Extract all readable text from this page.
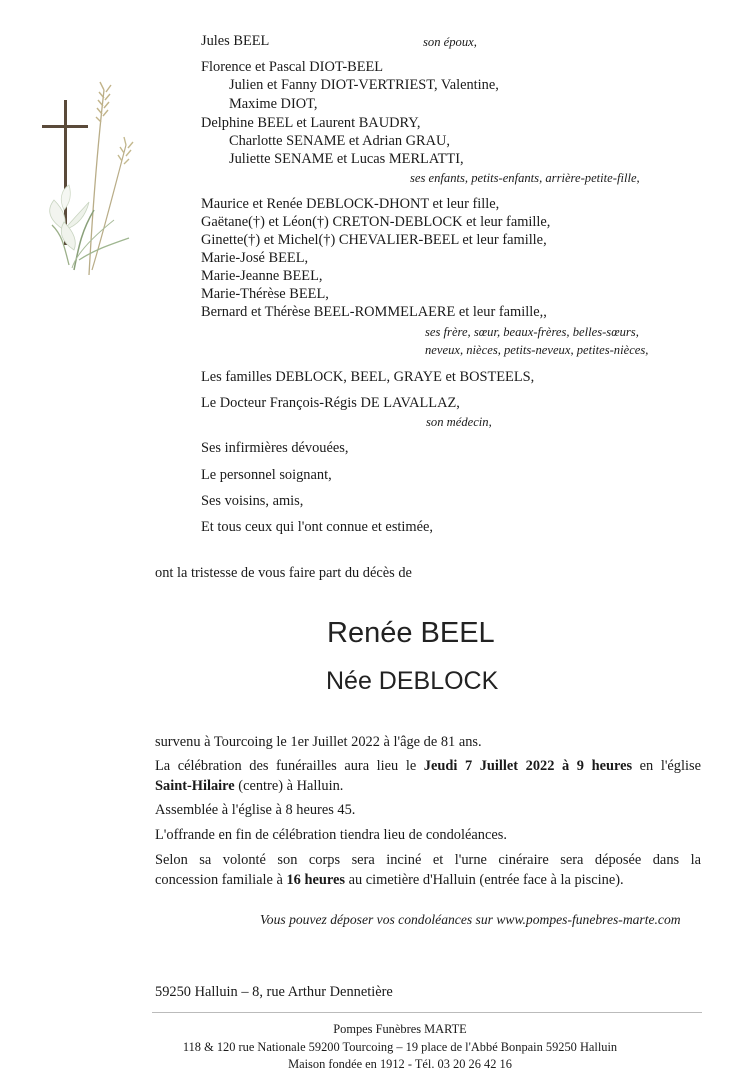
Jules BEEL	son époux,
Florence et Pascal DIOT-BEEL
Julien et Fanny DIOT-VERTRIEST, Valentine,
Maxime DIOT,
Delphine BEEL et Laurent BAUDRY,
Charlotte SENAME et Adrian GRAU,
Juliette SENAME et Lucas MERLATTI,
ses enfants, petits-enfants, arrière-petite-fille,
Maurice et Renée DEBLOCK-DHONT et leur fille,
Gaëtane(†) et Léon(†) CRETON-DEBLOCK et leur famille,
Ginette(†) et Michel(†) CHEVALIER-BEEL et leur famille,
Marie-José BEEL,
Marie-Jeanne BEEL,
Marie-Thérèse BEEL,
Bernard et Thérèse BEEL-ROMMELAERE et leur famille,,
ses frère, sœur, beaux-frères, belles-sœurs,
neveux, nièces, petits-neveux, petites-nièces,
Les familles DEBLOCK, BEEL, GRAYE et BOSTEELS,
Le Docteur François-Régis DE LAVALLAZ,
son médecin,
Ses infirmières dévouées,
Le personnel soignant,
Ses voisins, amis,
Et tous ceux qui l'ont connue et estimée,
ont la tristesse de vous faire part du décès de
Renée BEEL
Née DEBLOCK
survenu à Tourcoing le 1er Juillet 2022 à l'âge de 81 ans.
La célébration des funérailles aura lieu le Jeudi 7 Juillet 2022 à 9 heures en l'église
Saint-Hilaire (centre) à Halluin.
Assemblée à l'église à 8 heures 45.
L'offrande en fin de célébration tiendra lieu de condoléances.
Selon sa volonté son corps sera inciné et l'urne cinéraire sera déposée dans la
concession familiale à 16 heures au cimetière d'Halluin (entrée face à la piscine).
Vous pouvez déposer vos condoléances sur www.pompes-funebres-marte.com
59250 Halluin – 8, rue Arthur Dennetière
Pompes Funèbres MARTE
118 & 120 rue Nationale 59200 Tourcoing – 19 place de l'Abbé Bonpain 59250 Halluin
Maison fondée en 1912 - Tél. 03 20 26 42 16
